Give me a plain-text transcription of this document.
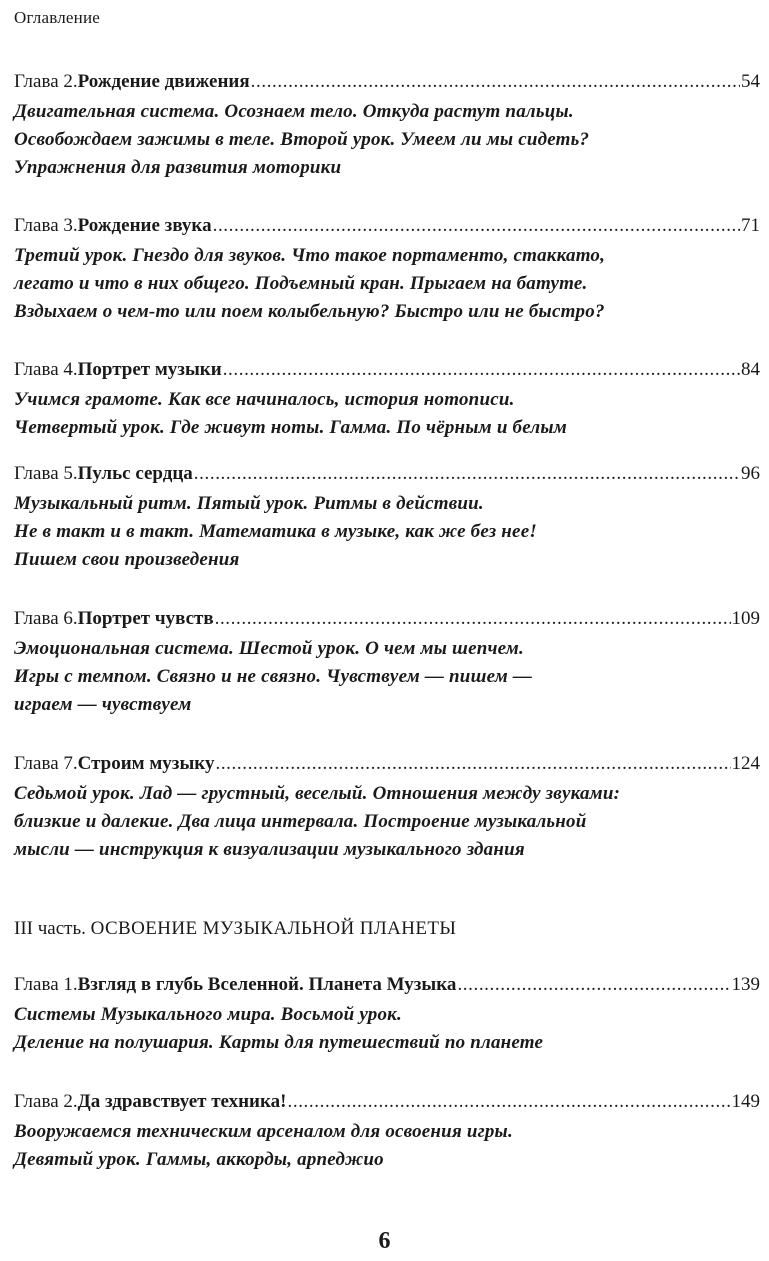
Оглавление
Глава 2. Рождение движения .....	54
Двигательная система. Осознаем тело. Откуда растут пальцы.
Освобождаем зажимы в теле. Второй урок. Умеем ли мы сидеть?
Упражнения для развития моторики
Глава 3. Рождение звука .....	71
Третий урок. Гнездо для звуков. Что такое портаменто, стаккато,
легато и что в них общего. Подъемный кран. Прыгаем на батуте.
Вздыхаем о чем-то или поем колыбельную? Быстро или не быстро?
Глава 4. Портрет музыки .....	84
Учимся грамоте. Как все начиналось, история нотописи.
Четвертый урок. Где живут ноты. Гамма. По чёрным и белым
Глава 5. Пульс сердца .....	96
Музыкальный ритм. Пятый урок. Ритмы в действии.
Не в такт и в такт. Математика в музыке, как же без нее!
Пишем свои произведения
Глава 6. Портрет чувств .....	109
Эмоциональная система. Шестой урок. О чем мы шепчем.
Игры с темпом. Связно и не связно. Чувствуем — пишем —
играем — чувствуем
Глава 7. Строим музыку .....	124
Седьмой урок. Лад — грустный, веселый. Отношения между звуками:
близкие и далекие. Два лица интервала. Построение музыкальной
мысли — инструкция к визуализации музыкального здания
III часть. ОСВОЕНИЕ МУЗЫКАЛЬНОЙ ПЛАНЕТЫ
Глава 1. Взгляд в глубь Вселенной. Планета Музыка .....	139
Системы Музыкального мира. Восьмой урок.
Деление на полушария. Карты для путешествий по планете
Глава 2. Да здравствует техника! .....	149
Вооружаемся техническим арсеналом для освоения игры.
Девятый урок. Гаммы, аккорды, арпеджио
6
